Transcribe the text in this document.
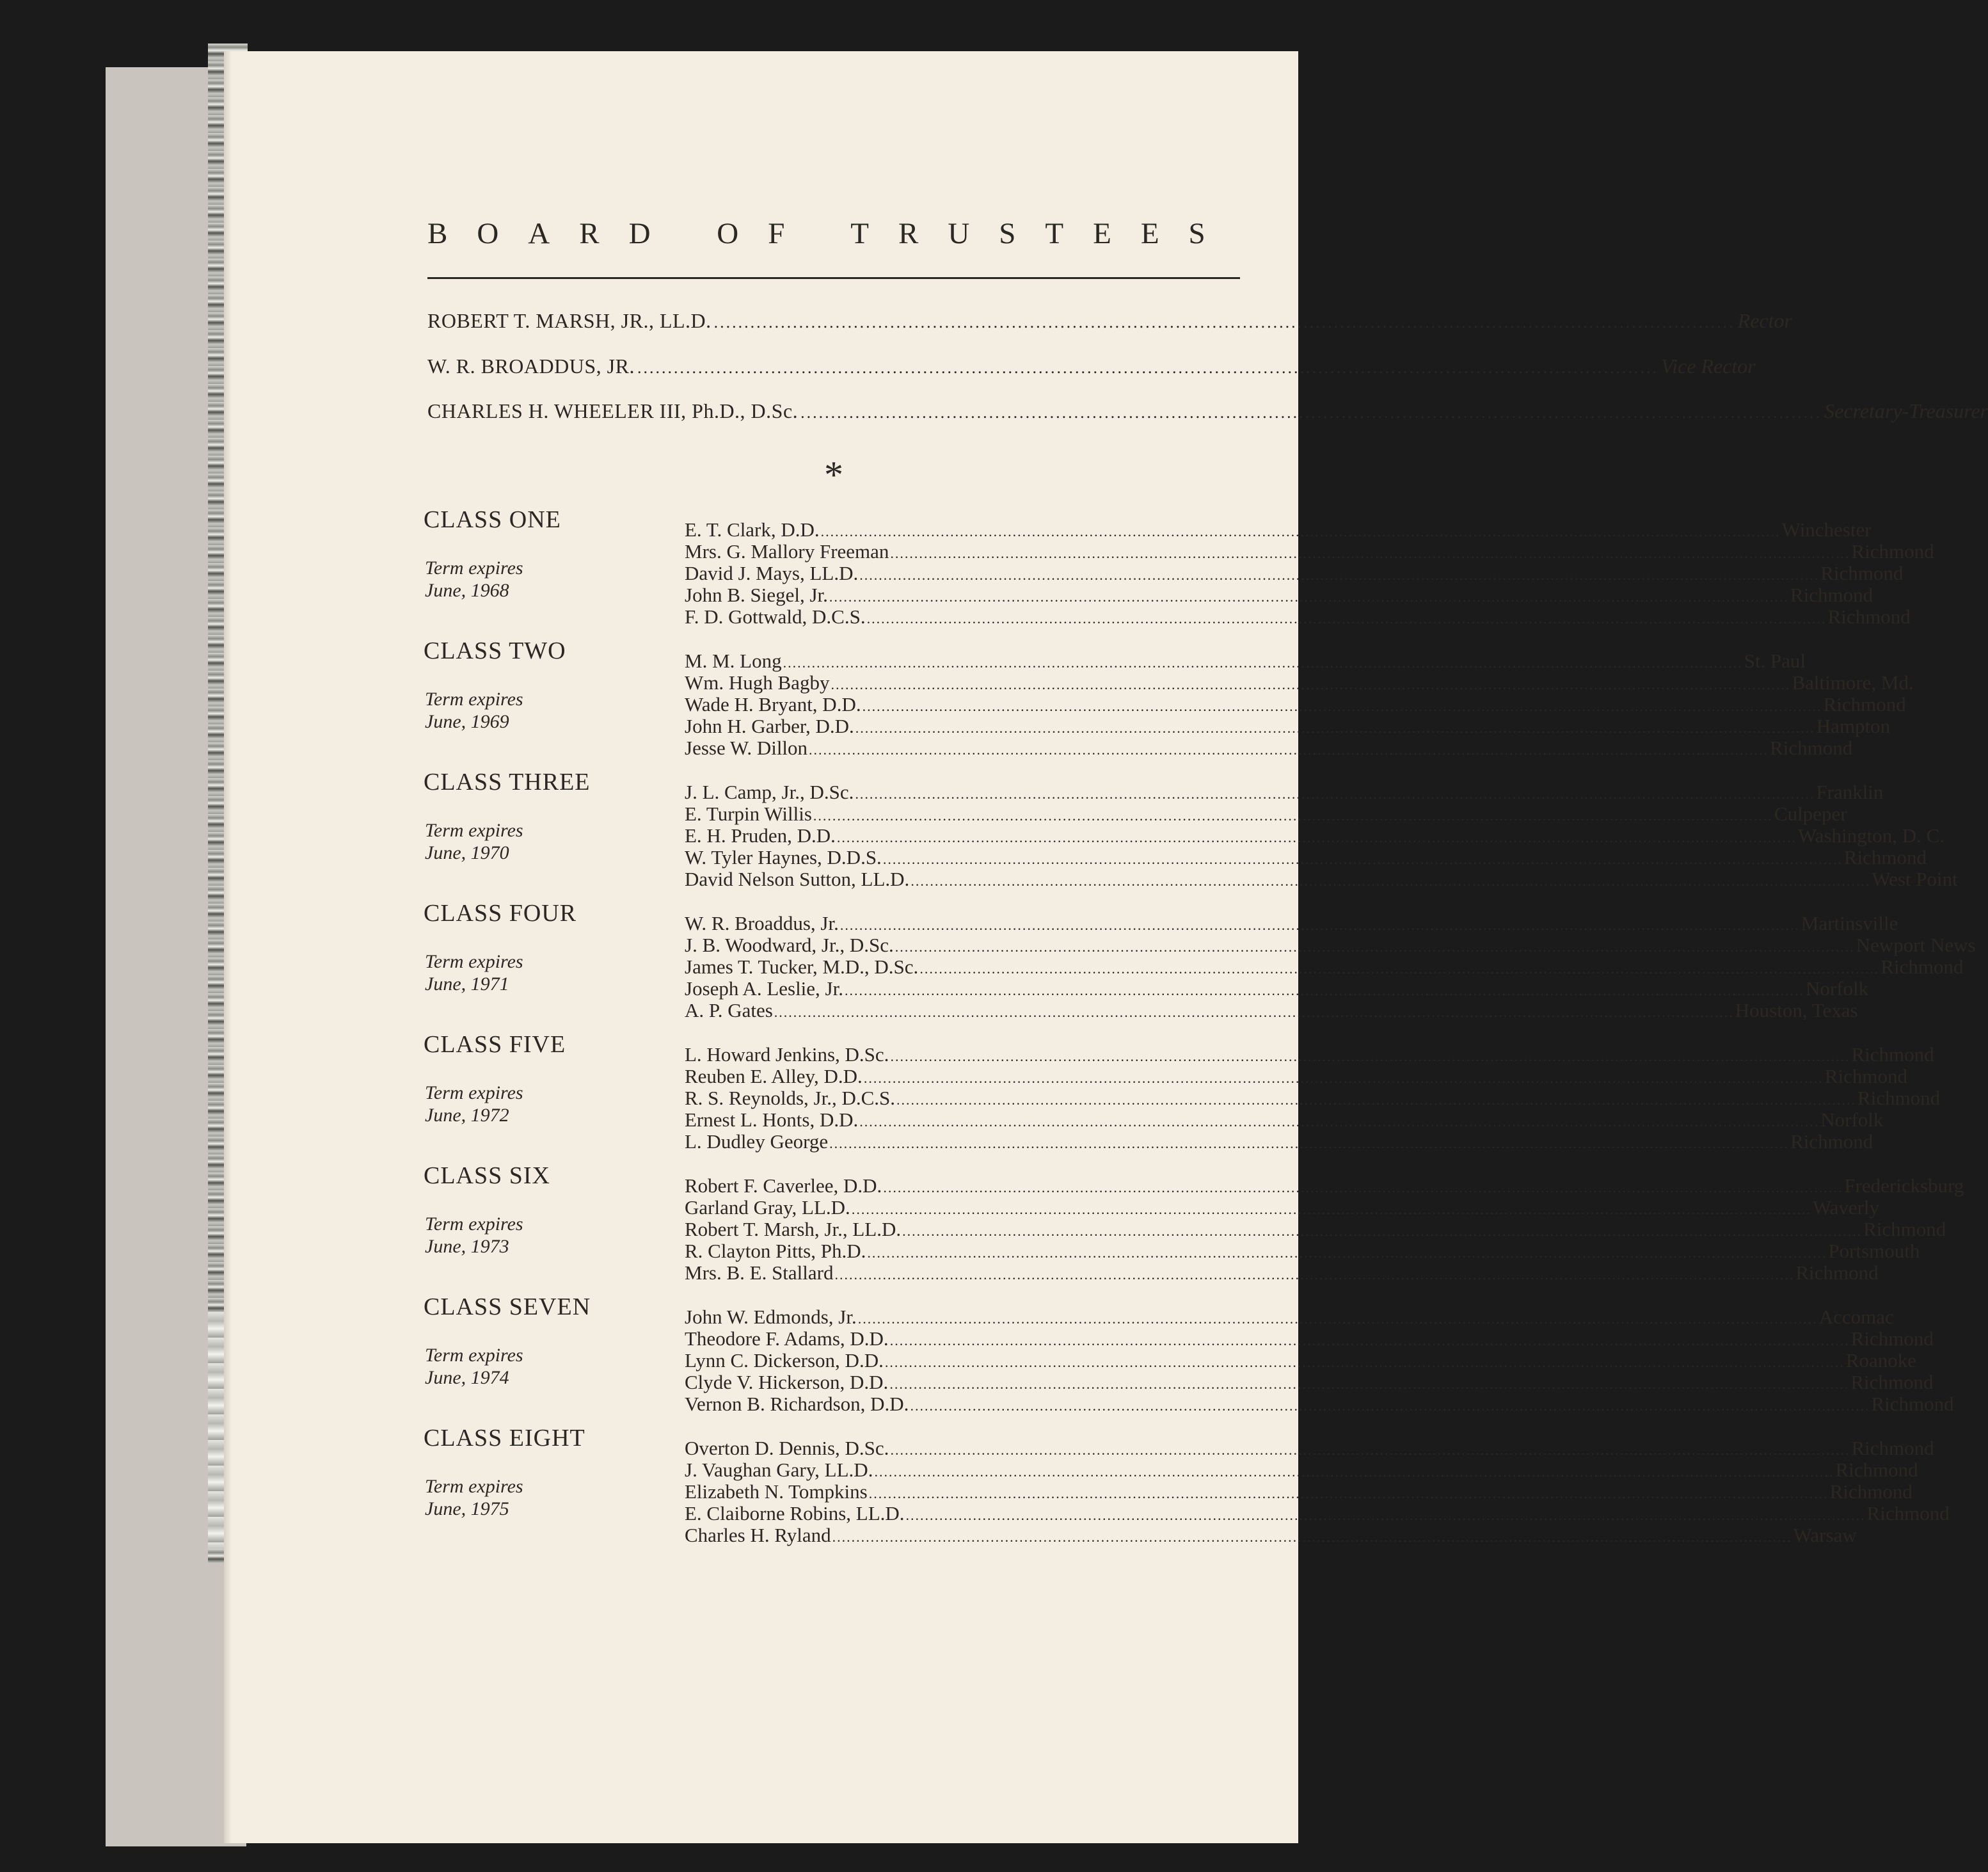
BOARD OF TRUSTEES
ROBERT T. MARSH, JR., LL.D. ........................................................................................................................................................................ Rector
W. R. BROADDUS, JR. ........................................................................................................................................................................ Vice Rector
CHARLES H. WHEELER III, Ph.D., D.Sc. ........................................................................................................................................................................ Secretary-Treasurer
*
CLASS ONE
Term expires
June, 1968
E. T. Clark, D.D. ........................................................................................................................................................................................................ Winchester
Mrs. G. Mallory Freeman ........................................................................................................................................................................................................ Richmond
David J. Mays, LL.D. ........................................................................................................................................................................................................ Richmond
John B. Siegel, Jr. ........................................................................................................................................................................................................ Richmond
F. D. Gottwald, D.C.S. ........................................................................................................................................................................................................ Richmond
CLASS TWO
Term expires
June, 1969
M. M. Long ........................................................................................................................................................................................................ St. Paul
Wm. Hugh Bagby ........................................................................................................................................................................................................ Baltimore, Md.
Wade H. Bryant, D.D. ........................................................................................................................................................................................................ Richmond
John H. Garber, D.D. ........................................................................................................................................................................................................ Hampton
Jesse W. Dillon ........................................................................................................................................................................................................ Richmond
CLASS THREE
Term expires
June, 1970
J. L. Camp, Jr., D.Sc. ........................................................................................................................................................................................................ Franklin
E. Turpin Willis ........................................................................................................................................................................................................ Culpeper
E. H. Pruden, D.D. ........................................................................................................................................................................................................ Washington, D. C.
W. Tyler Haynes, D.D.S. ........................................................................................................................................................................................................ Richmond
David Nelson Sutton, LL.D. ........................................................................................................................................................................................................ West Point
CLASS FOUR
Term expires
June, 1971
W. R. Broaddus, Jr. ........................................................................................................................................................................................................ Martinsville
J. B. Woodward, Jr., D.Sc. ........................................................................................................................................................................................................ Newport News
James T. Tucker, M.D., D.Sc. ........................................................................................................................................................................................................ Richmond
Joseph A. Leslie, Jr. ........................................................................................................................................................................................................ Norfolk
A. P. Gates ........................................................................................................................................................................................................ Houston, Texas
CLASS FIVE
Term expires
June, 1972
L. Howard Jenkins, D.Sc. ........................................................................................................................................................................................................ Richmond
Reuben E. Alley, D.D. ........................................................................................................................................................................................................ Richmond
R. S. Reynolds, Jr., D.C.S. ........................................................................................................................................................................................................ Richmond
Ernest L. Honts, D.D. ........................................................................................................................................................................................................ Norfolk
L. Dudley George ........................................................................................................................................................................................................ Richmond
CLASS SIX
Term expires
June, 1973
Robert F. Caverlee, D.D. ........................................................................................................................................................................................................ Fredericksburg
Garland Gray, LL.D. ........................................................................................................................................................................................................ Waverly
Robert T. Marsh, Jr., LL.D. ........................................................................................................................................................................................................ Richmond
R. Clayton Pitts, Ph.D. ........................................................................................................................................................................................................ Portsmouth
Mrs. B. E. Stallard ........................................................................................................................................................................................................ Richmond
CLASS SEVEN
Term expires
June, 1974
John W. Edmonds, Jr. ........................................................................................................................................................................................................ Accomac
Theodore F. Adams, D.D. ........................................................................................................................................................................................................ Richmond
Lynn C. Dickerson, D.D. ........................................................................................................................................................................................................ Roanoke
Clyde V. Hickerson, D.D. ........................................................................................................................................................................................................ Richmond
Vernon B. Richardson, D.D. ........................................................................................................................................................................................................ Richmond
CLASS EIGHT
Term expires
June, 1975
Overton D. Dennis, D.Sc. ........................................................................................................................................................................................................ Richmond
J. Vaughan Gary, LL.D. ........................................................................................................................................................................................................ Richmond
Elizabeth N. Tompkins ........................................................................................................................................................................................................ Richmond
E. Claiborne Robins, LL.D. ........................................................................................................................................................................................................ Richmond
Charles H. Ryland ........................................................................................................................................................................................................ Warsaw
